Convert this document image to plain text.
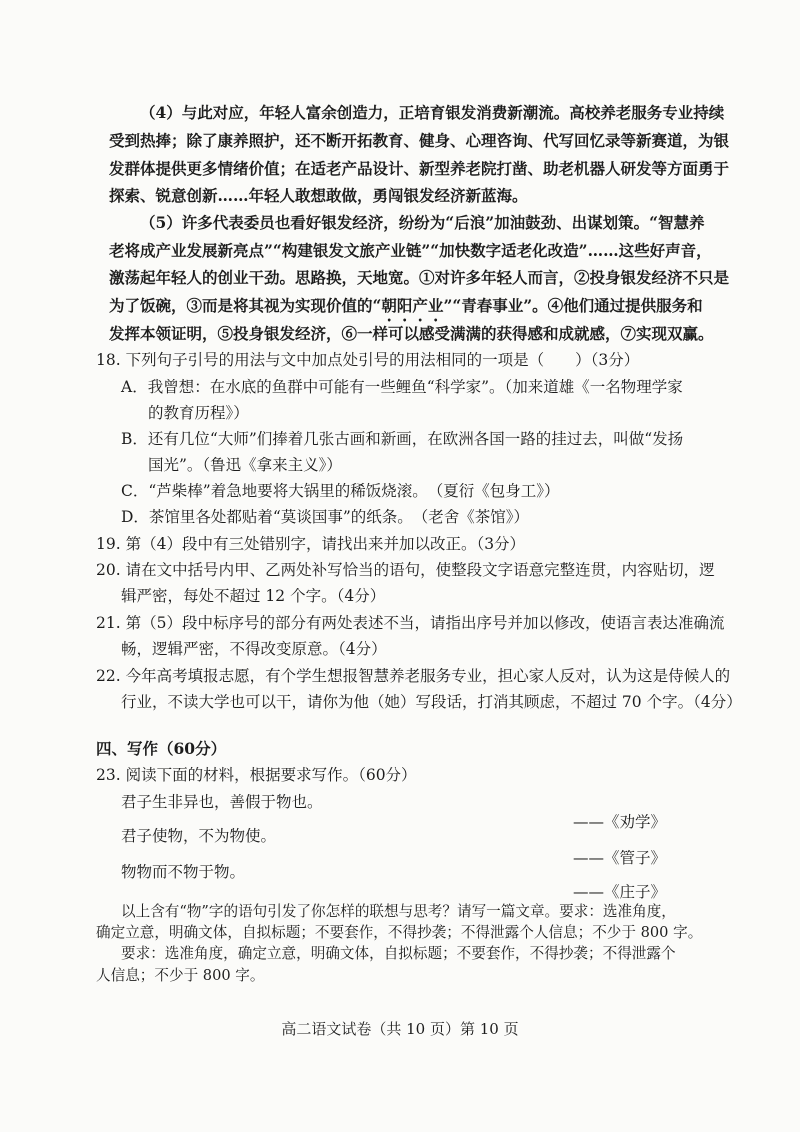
（4）与此对应，年轻人富余创造力，正培育银发消费新潮流。高校养老服务专业持续
受到热捧；除了康养照护，还不断开拓教育、健身、心理咨询、代写回忆录等新赛道，为银
发群体提供更多情绪价值；在适老产品设计、新型养老院打凿、助老机器人研发等方面勇于
探索、锐意创新……年轻人敢想敢做，勇闯银发经济新蓝海。
（5）许多代表委员也看好银发经济，纷纷为“后浪”加油鼓劲、出谋划策。“智慧养
老将成产业发展新亮点”“构建银发文旅产业链”“加快数字适老化改造”……这些好声音，
激荡起年轻人的创业干劲。思路换，天地宽。①对许多年轻人而言，②投身银发经济不只是
为了饭碗，③而是将其视为实现价值的“朝阳产业”“青春事业”。④他们通过提供服务和
发挥本领证明，⑤投身银发经济，⑥一样可以感受满满的获得感和成就感，⑦实现双赢。
18. 下列句子引号的用法与文中加点处引号的用法相同的一项是（　　）（3分）
A．我曾想：在水底的鱼群中可能有一些鲤鱼“科学家”。（加来道雄《一名物理学家
的教育历程》）
B．还有几位“大师”们捧着几张古画和新画，在欧洲各国一路的挂过去，叫做“发扬
国光”。（鲁迅《拿来主义》）
C．“芦柴棒”着急地要将大锅里的稀饭烧滚。　（夏衍《包身工》）
D．茶馆里各处都贴着“莫谈国事”的纸条。　（老舍《茶馆》）
19. 第（4）段中有三处错别字，请找出来并加以改正。（3分）
20. 请在文中括号内甲、乙两处补写恰当的语句，使整段文字语意完整连贯，内容贴切，逻
辑严密，每处不超过 12 个字。（4分）
21. 第（5）段中标序号的部分有两处表述不当，请指出序号并加以修改，使语言表达准确流
畅，逻辑严密，不得改变原意。（4分）
22. 今年高考填报志愿，有个学生想报智慧养老服务专业，担心家人反对，认为这是侍候人的
行业，不读大学也可以干，请你为他（她）写段话，打消其顾虑，不超过 70 个字。（4分）
四、写作（60分）
23. 阅读下面的材料，根据要求写作。（60分）
君子生非异也，善假于物也。
——《劝学》
君子使物，不为物使。
——《管子》
物物而不物于物。
——《庄子》
以上含有“物”字的语句引发了你怎样的联想与思考？请写一篇文章。要求：选准角度，
确定立意，明确文体，自拟标题；不要套作，不得抄袭；不得泄露个人信息；不少于 800 字。
要求：选准角度，确定立意，明确文体，自拟标题；不要套作，不得抄袭；不得泄露个
人信息；不少于 800 字。
高二语文试卷（共 10 页）第 10 页
